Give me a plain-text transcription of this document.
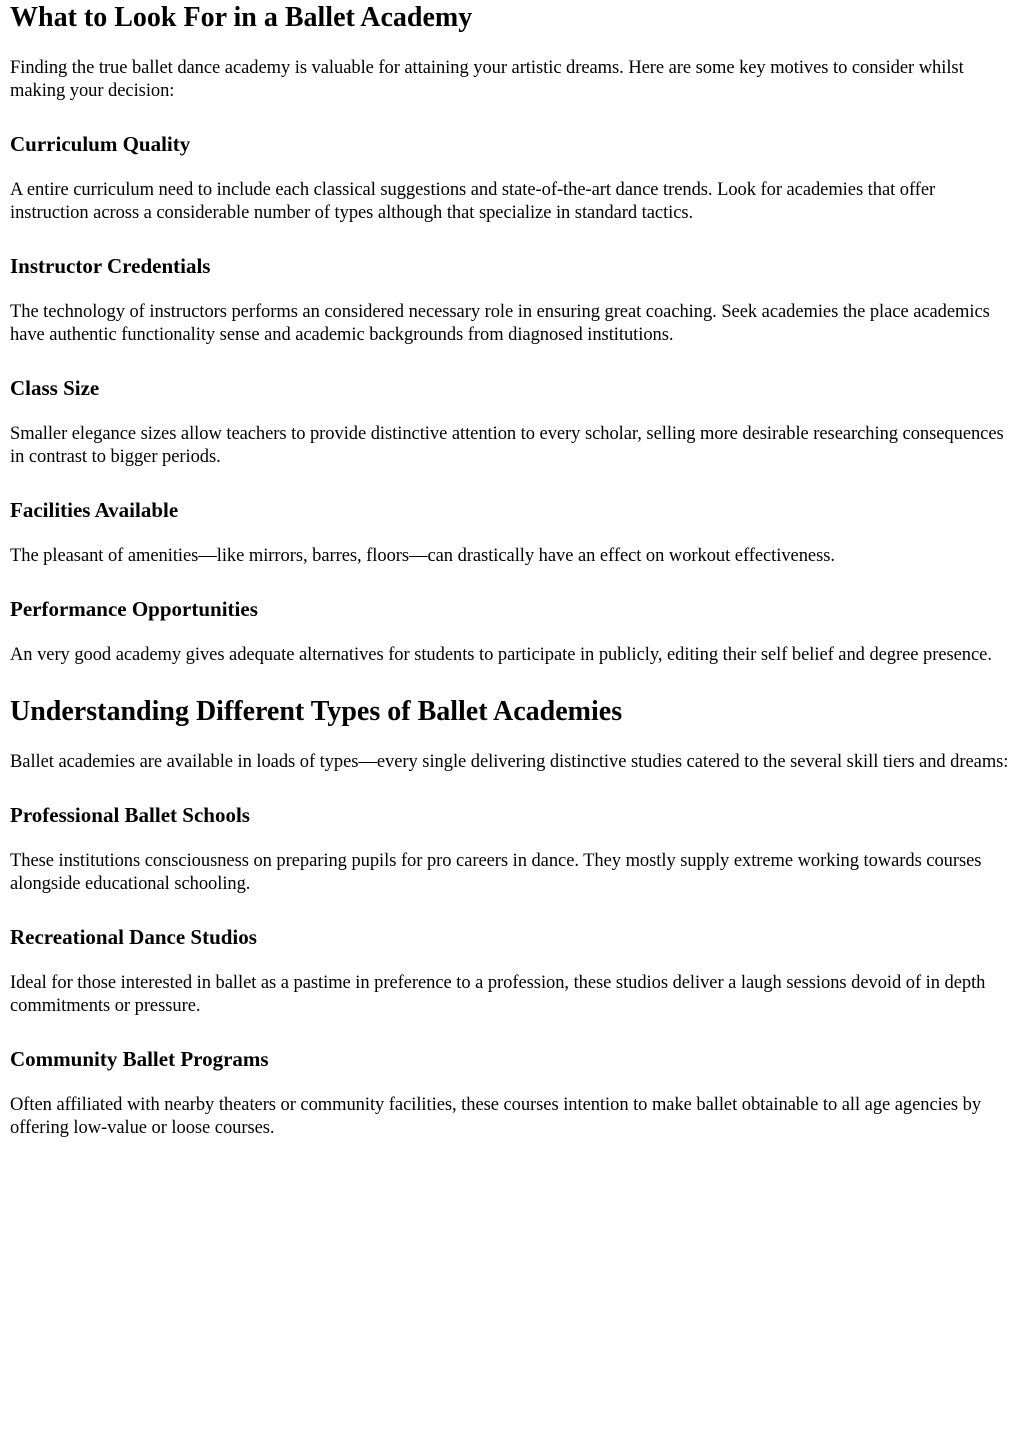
What to Look For in a Ballet Academy

Finding the true ballet dance academy is valuable for attaining your artistic dreams. Here are some key motives to consider whilst making your decision:

Curriculum Quality

A entire curriculum need to include each classical suggestions and state-of-the-art dance trends. Look for academies that offer instruction across a considerable number of types although that specialize in standard tactics.

Instructor Credentials

The technology of instructors performs an considered necessary role in ensuring great coaching. Seek academies the place academics have authentic functionality sense and academic backgrounds from diagnosed institutions.

Class Size

Smaller elegance sizes allow teachers to provide distinctive attention to every scholar, selling more desirable researching consequences in contrast to bigger periods.

Facilities Available

The pleasant of amenities—like mirrors, barres, floors—can drastically have an effect on workout effectiveness.

Performance Opportunities

An very good academy gives adequate alternatives for students to participate in publicly, editing their self belief and degree presence.

Understanding Different Types of Ballet Academies

Ballet academies are available in loads of types—every single delivering distinctive studies catered to the several skill tiers and dreams:

Professional Ballet Schools

These institutions consciousness on preparing pupils for pro careers in dance. They mostly supply extreme working towards courses alongside educational schooling.

Recreational Dance Studios

Ideal for those interested in ballet as a pastime in preference to a profession, these studios deliver a laugh sessions devoid of in depth commitments or pressure.

Community Ballet Programs

Often affiliated with nearby theaters or community facilities, these courses intention to make ballet obtainable to all age agencies by offering low-value or loose courses.
